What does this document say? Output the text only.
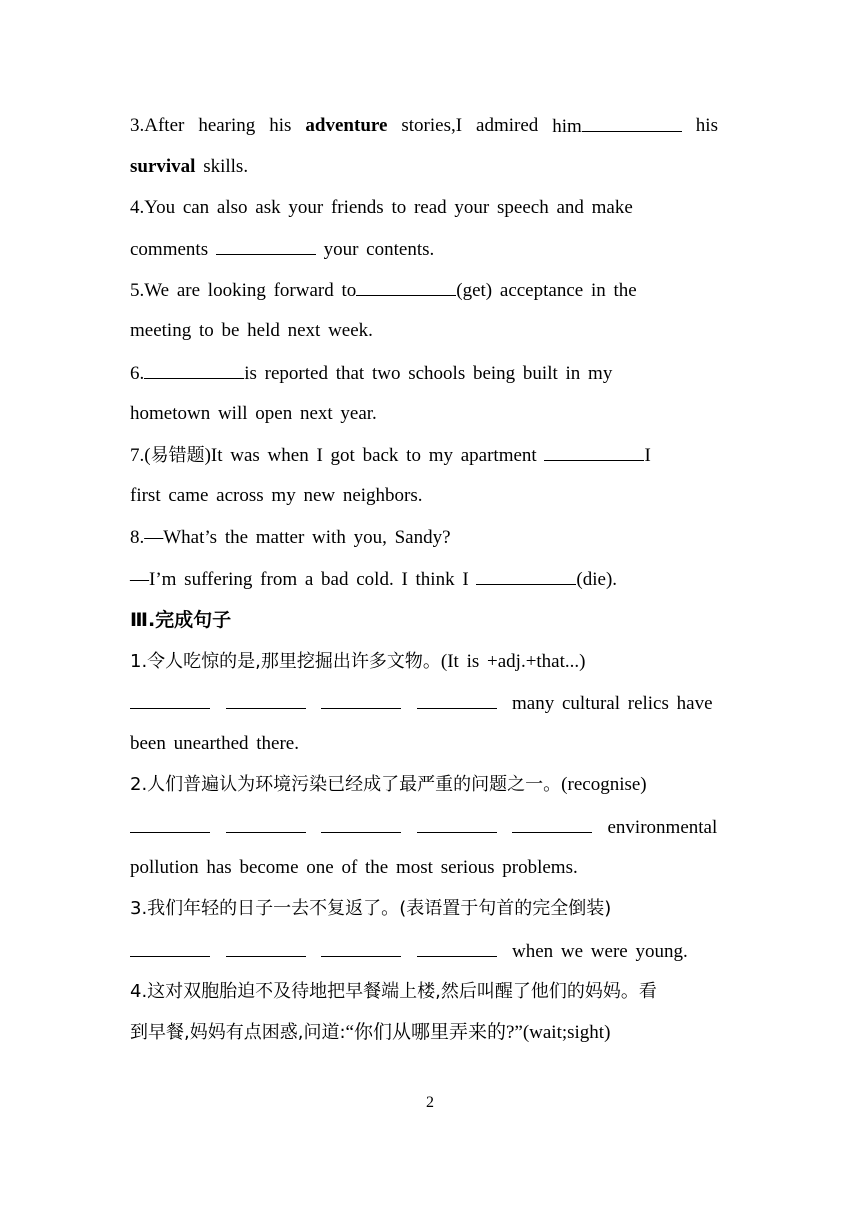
3.After hearing his adventure stories,I admired him	his
survival skills.
4.You can also ask your friends to read your speech and make
comments	your contents.
5.We are looking forward to	(get) acceptance in the
meeting to be held next week.
6.	is reported that two schools being built in my
hometown will open next year.
7.(易错题)It was when I got back to my apartment	I
first came across my new neighbors.
8.—What’s the matter with you, Sandy?
—I’m suffering from a bad cold. I think I	(die).
Ⅲ.完成句子
1.令人吃惊的是,那里挖掘出许多文物。(It is +adj.+that...)
many cultural relics have
been unearthed there.
2.人们普遍认为环境污染已经成了最严重的问题之一。(recognise)
environmental
pollution has become one of the most serious problems.
3.我们年轻的日子一去不复返了。(表语置于句首的完全倒装)
when we were young.
4.这对双胞胎迫不及待地把早餐端上楼,然后叫醒了他们的妈妈。看
到早餐,妈妈有点困惑,问道:“你们从哪里弄来的?”(wait;sight)
2
